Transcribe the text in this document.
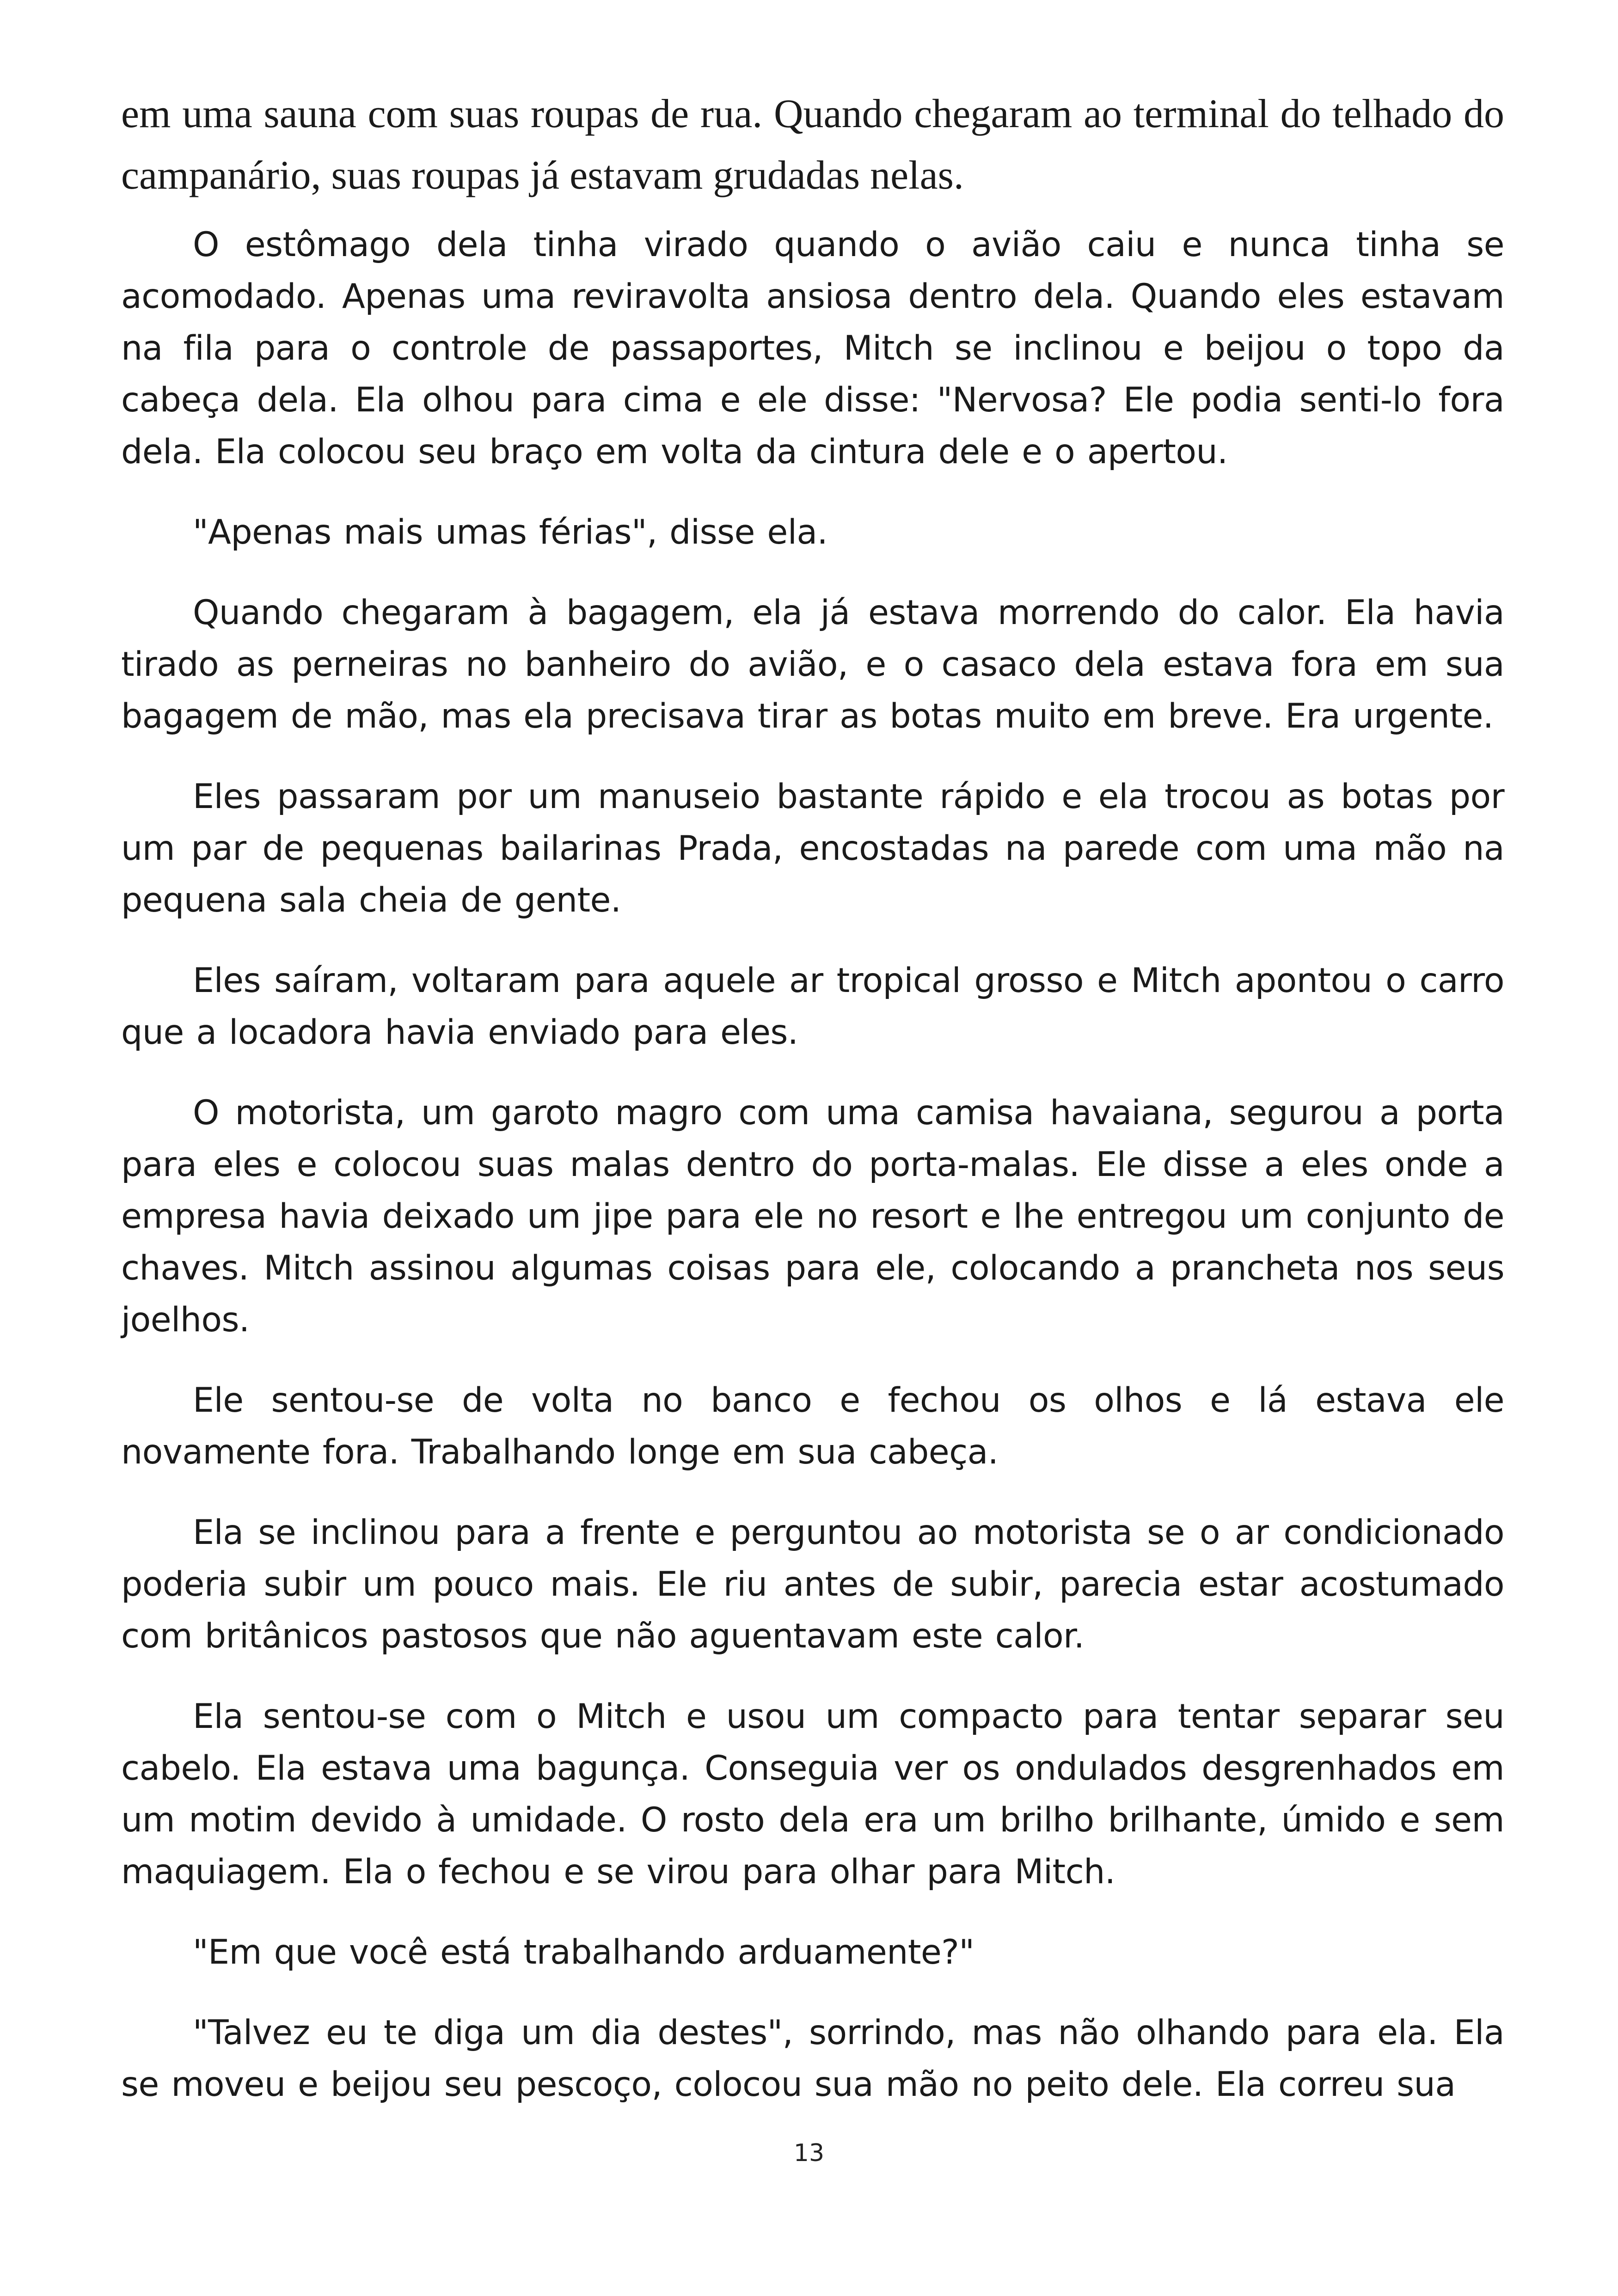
em uma sauna com suas roupas de rua. Quando chegaram ao terminal do telhado do campanário, suas roupas já estavam grudadas nelas.

O estômago dela tinha virado quando o avião caiu e nunca tinha se acomodado. Apenas uma reviravolta ansiosa dentro dela. Quando eles estavam na fila para o controle de passaportes, Mitch se inclinou e beijou o topo da cabeça dela. Ela olhou para cima e ele disse: "Nervosa? Ele podia senti-lo fora dela. Ela colocou seu braço em volta da cintura dele e o apertou.

"Apenas mais umas férias", disse ela.

Quando chegaram à bagagem, ela já estava morrendo do calor. Ela havia tirado as perneiras no banheiro do avião, e o casaco dela estava fora em sua bagagem de mão, mas ela precisava tirar as botas muito em breve. Era urgente.

Eles passaram por um manuseio bastante rápido e ela trocou as botas por um par de pequenas bailarinas Prada, encostadas na parede com uma mão na pequena sala cheia de gente.

Eles saíram, voltaram para aquele ar tropical grosso e Mitch apontou o carro que a locadora havia enviado para eles.

O motorista, um garoto magro com uma camisa havaiana, segurou a porta para eles e colocou suas malas dentro do porta-malas. Ele disse a eles onde a empresa havia deixado um jipe para ele no resort e lhe entregou um conjunto de chaves. Mitch assinou algumas coisas para ele, colocando a prancheta nos seus joelhos.

Ele sentou-se de volta no banco e fechou os olhos e lá estava ele novamente fora. Trabalhando longe em sua cabeça.

Ela se inclinou para a frente e perguntou ao motorista se o ar condicionado poderia subir um pouco mais. Ele riu antes de subir, parecia estar acostumado com britânicos pastosos que não aguentavam este calor.

Ela sentou-se com o Mitch e usou um compacto para tentar separar seu cabelo. Ela estava uma bagunça. Conseguia ver os ondulados desgrenhados em um motim devido à umidade. O rosto dela era um brilho brilhante, úmido e sem maquiagem. Ela o fechou e se virou para olhar para Mitch.

"Em que você está trabalhando arduamente?"

"Talvez eu te diga um dia destes", sorrindo, mas não olhando para ela. Ela se moveu e beijou seu pescoço, colocou sua mão no peito dele. Ela correu sua

13
